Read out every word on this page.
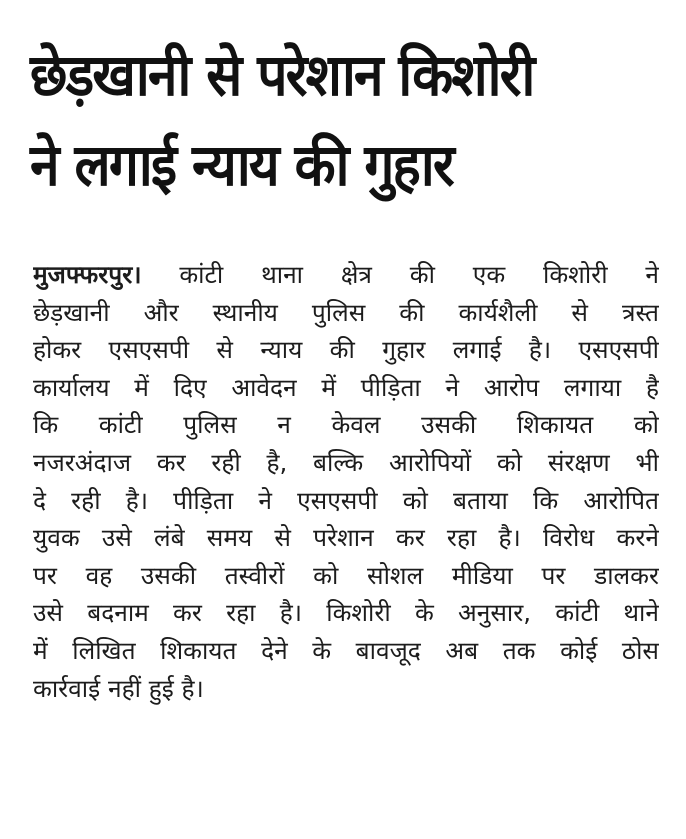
छेड़खानी से परेशान किशोरी
ने लगाई न्याय की गुहार
मुजफ्फरपुर। कांटी थाना क्षेत्र की एक किशोरी ने
छेड़खानी और स्थानीय पुलिस की कार्यशैली से त्रस्त
होकर एसएसपी से न्याय की गुहार लगाई है। एसएसपी
कार्यालय में दिए आवेदन में पीड़िता ने आरोप लगाया है
कि कांटी पुलिस न केवल उसकी शिकायत को
नजरअंदाज कर रही है, बल्कि आरोपियों को संरक्षण भी
दे रही है। पीड़िता ने एसएसपी को बताया कि आरोपित
युवक उसे लंबे समय से परेशान कर रहा है। विरोध करने
पर वह उसकी तस्वीरों को सोशल मीडिया पर डालकर
उसे बदनाम कर रहा है। किशोरी के अनुसार, कांटी थाने
में लिखित शिकायत देने के बावजूद अब तक कोई ठोस
कार्रवाई नहीं हुई है।
